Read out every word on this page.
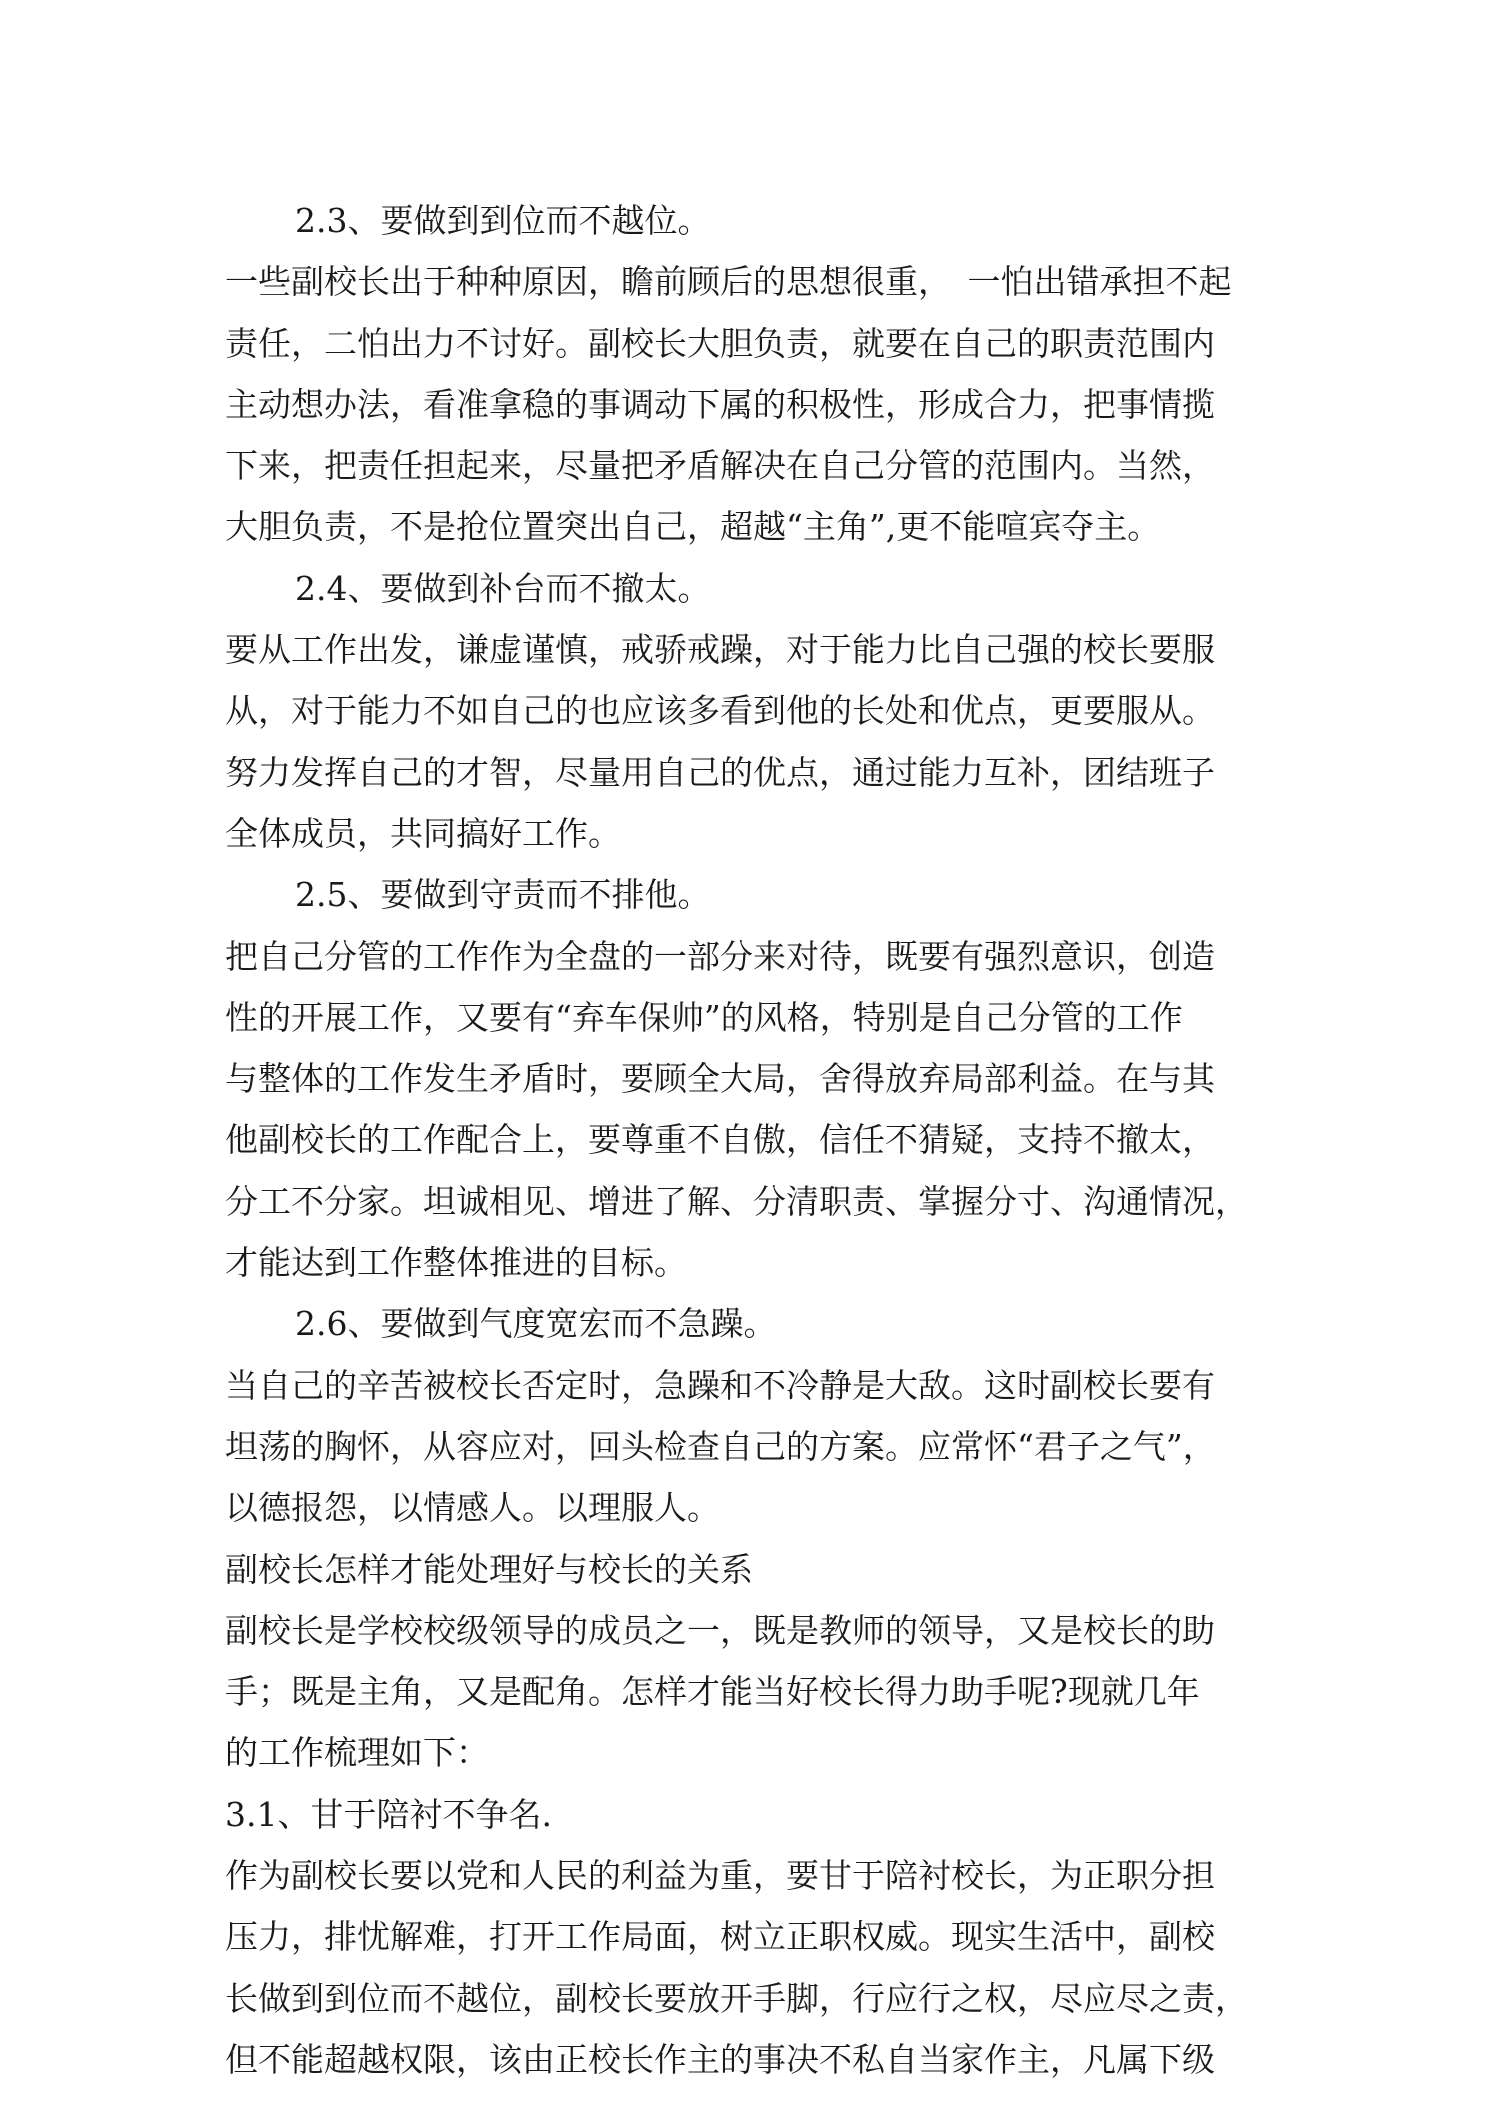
2.3、要做到到位而不越位。
一些副校长出于种种原因，瞻前顾后的思想很重，　一怕出错承担不起
责任，二怕出力不讨好。副校长大胆负责，就要在自己的职责范围内
主动想办法，看准拿稳的事调动下属的积极性，形成合力，把事情揽
下来，把责任担起来，尽量把矛盾解决在自己分管的范围内。当然，
大胆负责，不是抢位置突出自己，超越“主角”,更不能喧宾夺主。
2.4、要做到补台而不撤太。
要从工作出发，谦虚谨慎，戒骄戒躁，对于能力比自己强的校长要服
从，对于能力不如自己的也应该多看到他的长处和优点，更要服从。
努力发挥自己的才智，尽量用自己的优点，通过能力互补，团结班子
全体成员，共同搞好工作。
2.5、要做到守责而不排他。
把自己分管的工作作为全盘的一部分来对待，既要有强烈意识，创造
性的开展工作，又要有“弃车保帅”的风格，特别是自己分管的工作
与整体的工作发生矛盾时，要顾全大局，舍得放弃局部利益。在与其
他副校长的工作配合上，要尊重不自傲，信任不猜疑，支持不撤太，
分工不分家。坦诚相见、增进了解、分清职责、掌握分寸、沟通情况，
才能达到工作整体推进的目标。
2.6、要做到气度宽宏而不急躁。
当自己的辛苦被校长否定时，急躁和不冷静是大敌。这时副校长要有
坦荡的胸怀，从容应对，回头检查自己的方案。应常怀“君子之气”，
以德报怨，以情感人。以理服人。
副校长怎样才能处理好与校长的关系
副校长是学校校级领导的成员之一，既是教师的领导，又是校长的助
手；既是主角，又是配角。怎样才能当好校长得力助手呢?现就几年
的工作梳理如下：
3.1、甘于陪衬不争名.
作为副校长要以党和人民的利益为重，要甘于陪衬校长，为正职分担
压力，排忧解难，打开工作局面，树立正职权威。现实生活中，副校
长做到到位而不越位，副校长要放开手脚，行应行之权，尽应尽之责，
但不能超越权限，该由正校长作主的事决不私自当家作主，凡属下级
